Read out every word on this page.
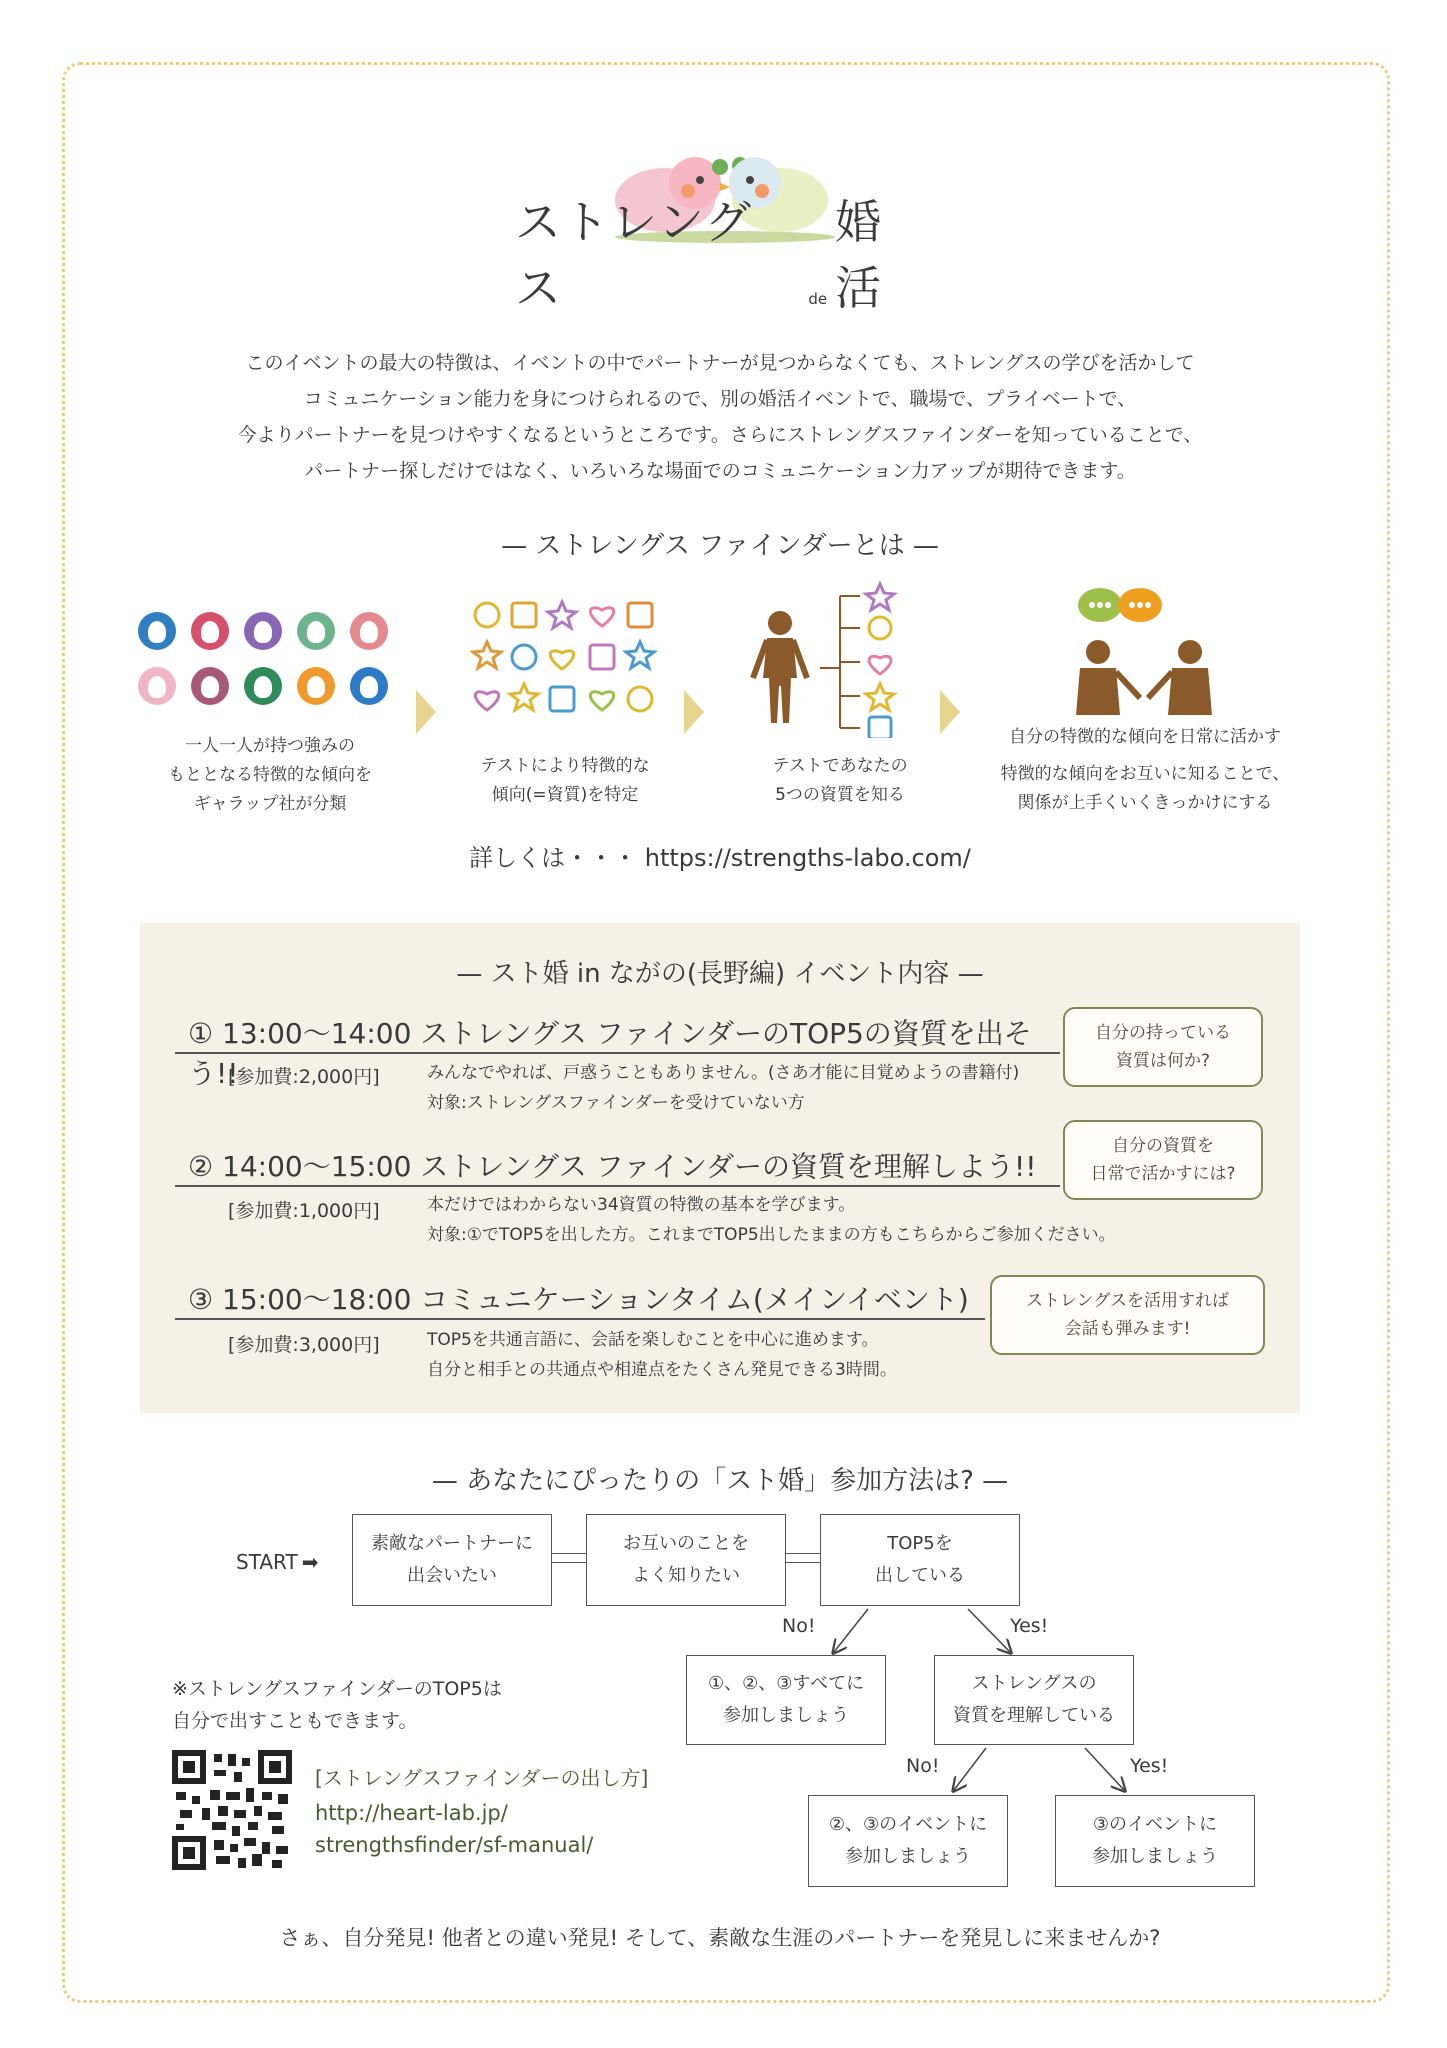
ストレングス	de
婚活
このイベントの最大の特徴は、イベントの中でパートナーが見つからなくても、ストレングスの学びを活かして
コミュニケーション能力を身につけられるので、別の婚活イベントで、職場で、プライベートで、
今よりパートナーを見つけやすくなるというところです。さらにストレングスファインダーを知っていることで、
パートナー探しだけではなく、いろいろな場面でのコミュニケーション力アップが期待できます。
— ストレングス ファインダーとは —
一人一人が持つ強みの
もととなる特徴的な傾向を
ギャラップ社が分類
テストにより特徴的な
傾向(=資質)を特定
テストであなたの
5つの資質を知る
自分の特徴的な傾向を日常に活かす
特徴的な傾向をお互いに知ることで、
関係が上手くいくきっかけにする
詳しくは・・・ https://strengths-labo.com/
— スト婚 in ながの(長野編) イベント内容 —
① 13:00〜14:00 ストレングス ファインダーのTOP5の資質を出そう!!
[参加費:2,000円]	みんなでやれば、戸惑うこともありません。(さあ才能に目覚めようの書籍付)
対象:ストレングスファインダーを受けていない方
自分の持っている
資質は何か?
② 14:00〜15:00 ストレングス ファインダーの資質を理解しよう!!
[参加費:1,000円]	本だけではわからない34資質の特徴の基本を学びます。
対象:①でTOP5を出した方。これまでTOP5出したままの方もこちらからご参加ください。
自分の資質を
日常で活かすには?
③ 15:00〜18:00 コミュニケーションタイム(メインイベント)
[参加費:3,000円]	TOP5を共通言語に、会話を楽しむことを中心に進めます。
自分と相手との共通点や相違点をたくさん発見できる3時間。
ストレングスを活用すれば
会話も弾みます!
— あなたにぴったりの「スト婚」参加方法は? —
START ➡
素敵なパートナーに
出会いたい
お互いのことを
よく知りたい
TOP5を
出している
No!	Yes!
①、②、③すべてに
参加しましょう
ストレングスの
資質を理解している
No!	Yes!
②、③のイベントに
参加しましょう
③のイベントに
参加しましょう
※ストレングスファインダーのTOP5は
自分で出すこともできます。
[ストレングスファインダーの出し方]
http://heart-lab.jp/
strengthsfinder/sf-manual/
さぁ、自分発見! 他者との違い発見! そして、素敵な生涯のパートナーを発見しに来ませんか?
